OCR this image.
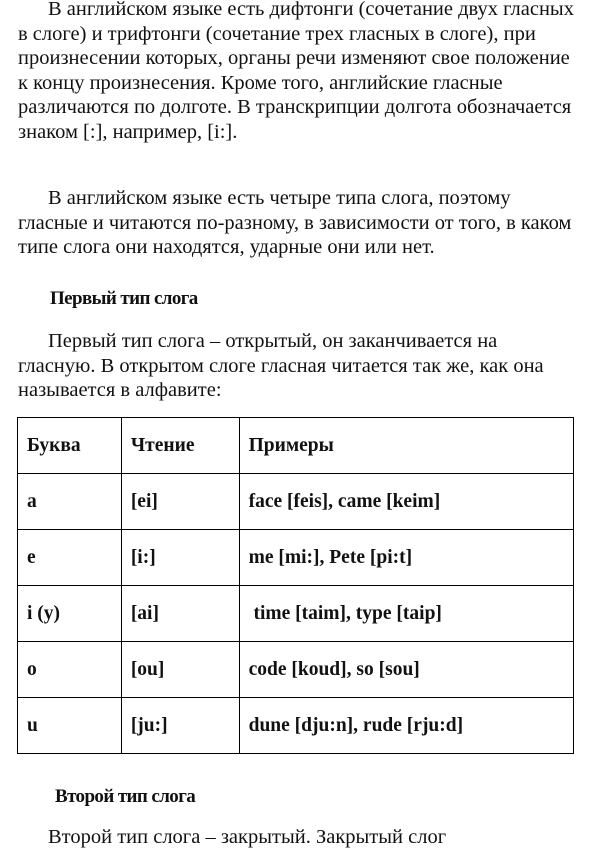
В английском языке есть дифтонги (сочетание двух гласных в слоге) и трифтонги (сочетание трех гласных в слоге), при произнесении которых, органы речи изменяют свое положение к концу произнесения. Кроме того, английские гласные различаются по долготе. В транскрипции долгота обозначается знаком [:], например, [i:].

В английском языке есть четыре типа слога, поэтому гласные и читаются по-разному, в зависимости от того, в каком типе слога они находятся, ударные они или нет.

Первый тип слога

Первый тип слога – открытый, он заканчивается на гласную. В открытом слоге гласная читается так же, как она называется в алфавите:

Буква	Чтение	Примеры
a	[ei]	face [feis], came [keim]
e	[i:]	me [mi:], Pete [pi:t]
i (y)	[ai]	time [taim], type [taip]
o	[ou]	code [koud], so [sou]
u	[ju:]	dune [dju:n], rude [rju:d]
Второй тип слога

Второй тип слога – закрытый. Закрытый слог
